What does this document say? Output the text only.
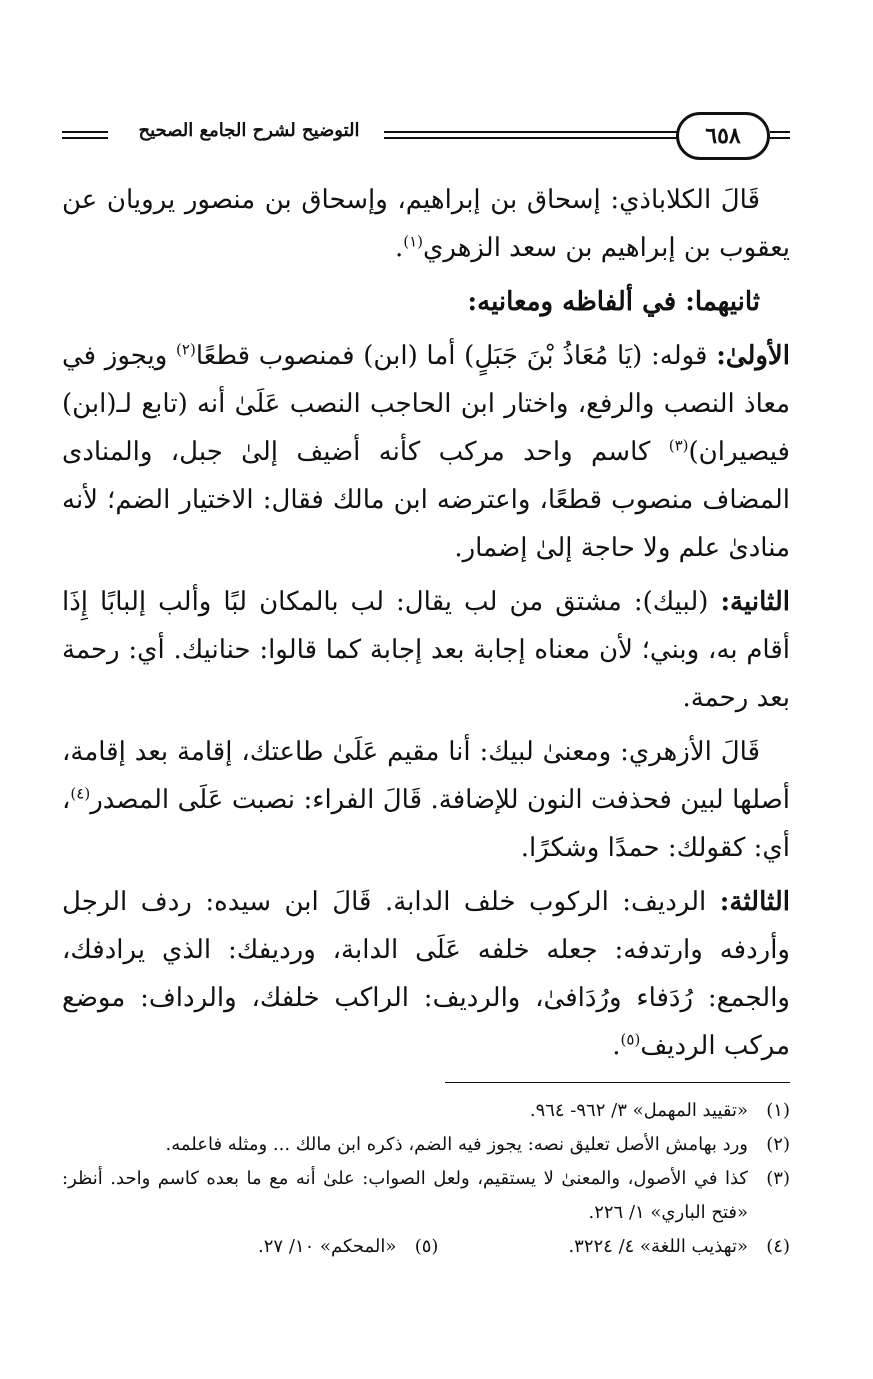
التوضيح لشرح الجامع الصحيح	٦٥٨

قَالَ الكلاباذي: إسحاق بن إبراهيم، وإسحاق بن منصور يرويان عن يعقوب بن إبراهيم بن سعد الزهري$^{(١)}$.

ثانيهما: في ألفاظه ومعانيه:

الأولىٰ: قوله: (يَا مُعَاذُ بْنَ جَبَلٍ) أما (ابن) فمنصوب قطعًا$^{(٢)}$ ويجوز في معاذ النصب والرفع، واختار ابن الحاجب النصب عَلَىٰ أنه (تابع لـ(ابن) فيصيران)$^{(٣)}$ كاسم واحد مركب كأنه أضيف إلىٰ جبل، والمنادى المضاف منصوب قطعًا، واعترضه ابن مالك فقال: الاختيار الضم؛ لأنه منادىٰ علم ولا حاجة إلىٰ إضمار.

الثانية: (لبيك): مشتق من لب يقال: لب بالمكان لبًا وألب إلبابًا إِذَا أقام به، وبني؛ لأن معناه إجابة بعد إجابة كما قالوا: حنانيك. أي: رحمة بعد رحمة.

قَالَ الأزهري: ومعنىٰ لبيك: أنا مقيم عَلَىٰ طاعتك، إقامة بعد إقامة، أصلها لبين فحذفت النون للإضافة. قَالَ الفراء: نصبت عَلَى المصدر$^{(٤)}$، أي: كقولك: حمدًا وشكرًا.

الثالثة: الرديف: الركوب خلف الدابة. قَالَ ابن سيده: ردف الرجل وأردفه وارتدفه: جعله خلفه عَلَى الدابة، ورديفك: الذي يرادفك، والجمع: رُدَفاء ورُدَافىٰ، والرديف: الراكب خلفك، والرداف: موضع مركب الرديف$^{(٥)}$.

(١)
«تقييد المهمل» ٣/ ٩٦٢- ٩٦٤.
(٢)
ورد بهامش الأصل تعليق نصه: يجوز فيه الضم، ذكره ابن مالك ... ومثله فاعلمه.
(٣)
كذا في الأصول، والمعنىٰ لا يستقيم، ولعل الصواب: علىٰ أنه مع ما بعده كاسم واحد. أنظر: «فتح الباري» ١/ ٢٢٦.
(٤)
«تهذيب اللغة» ٤/ ٣٢٢٤.
(٥)
«المحكم» ١٠/ ٢٧.
